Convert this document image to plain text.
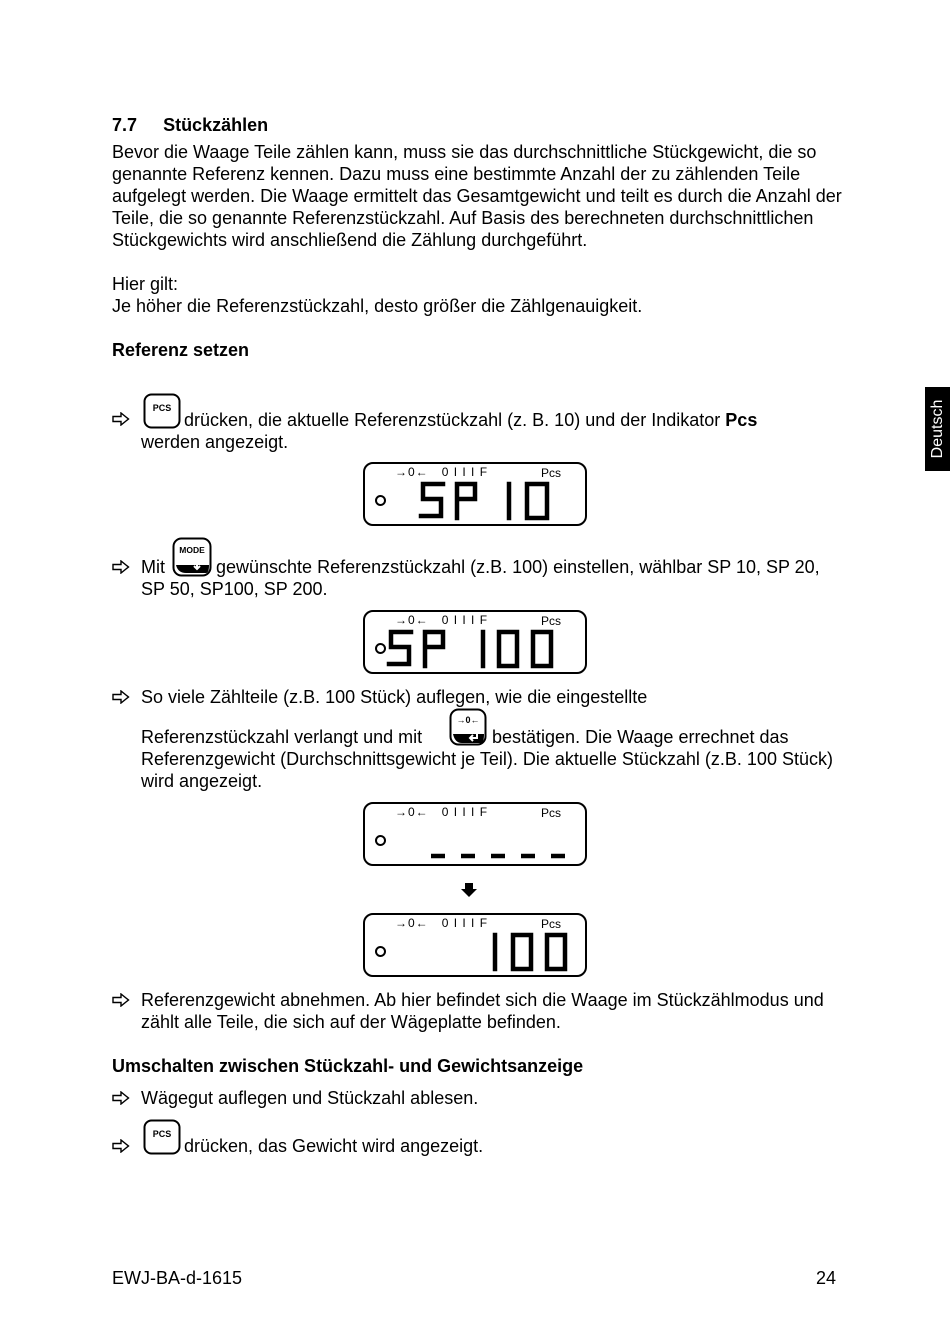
7.7 Stückzählen
Bevor die Waage Teile zählen kann, muss sie das durchschnittliche Stückgewicht, die so genannte Referenz kennen. Dazu muss eine bestimmte Anzahl der zu zählenden Teile aufgelegt werden. Die Waage ermittelt das Gesamtgewicht und teilt es durch die Anzahl der Teile, die so genannte Referenzstückzahl. Auf Basis des berechneten durchschnittlichen Stückgewichts wird anschließend die Zählung durchgeführt.
Hier gilt:
Je höher die Referenzstückzahl, desto größer die Zählgenauigkeit.
Referenz setzen
Deutsch
PCS
drücken, die aktuelle Referenzstückzahl (z. B. 10) und der Indikator Pcs
werden angezeigt.
→0← 0 I I I F	Pcs
Mit
MODE
gewünschte Referenzstückzahl (z.B. 100) einstellen, wählbar SP 10, SP 20, SP 50, SP100, SP 200.
→0← 0 I I I F	Pcs
So viele Zählteile (z.B. 100 Stück) auflegen, wie die eingestellte
Referenzstückzahl verlangt und mit
→0←
bestätigen. Die Waage errechnet das Referenzgewicht (Durchschnittsgewicht je Teil). Die aktuelle Stückzahl (z.B. 100 Stück) wird angezeigt.
→0← 0 I I I F	Pcs
→0← 0 I I I F	Pcs
Referenzgewicht abnehmen. Ab hier befindet sich die Waage im Stückzählmodus und zählt alle Teile, die sich auf der Wägeplatte befinden.
Umschalten zwischen Stückzahl- und Gewichtsanzeige
Wägegut auflegen und Stückzahl ablesen.
PCS
drücken, das Gewicht wird angezeigt.
EWJ-BA-d-1615	24
